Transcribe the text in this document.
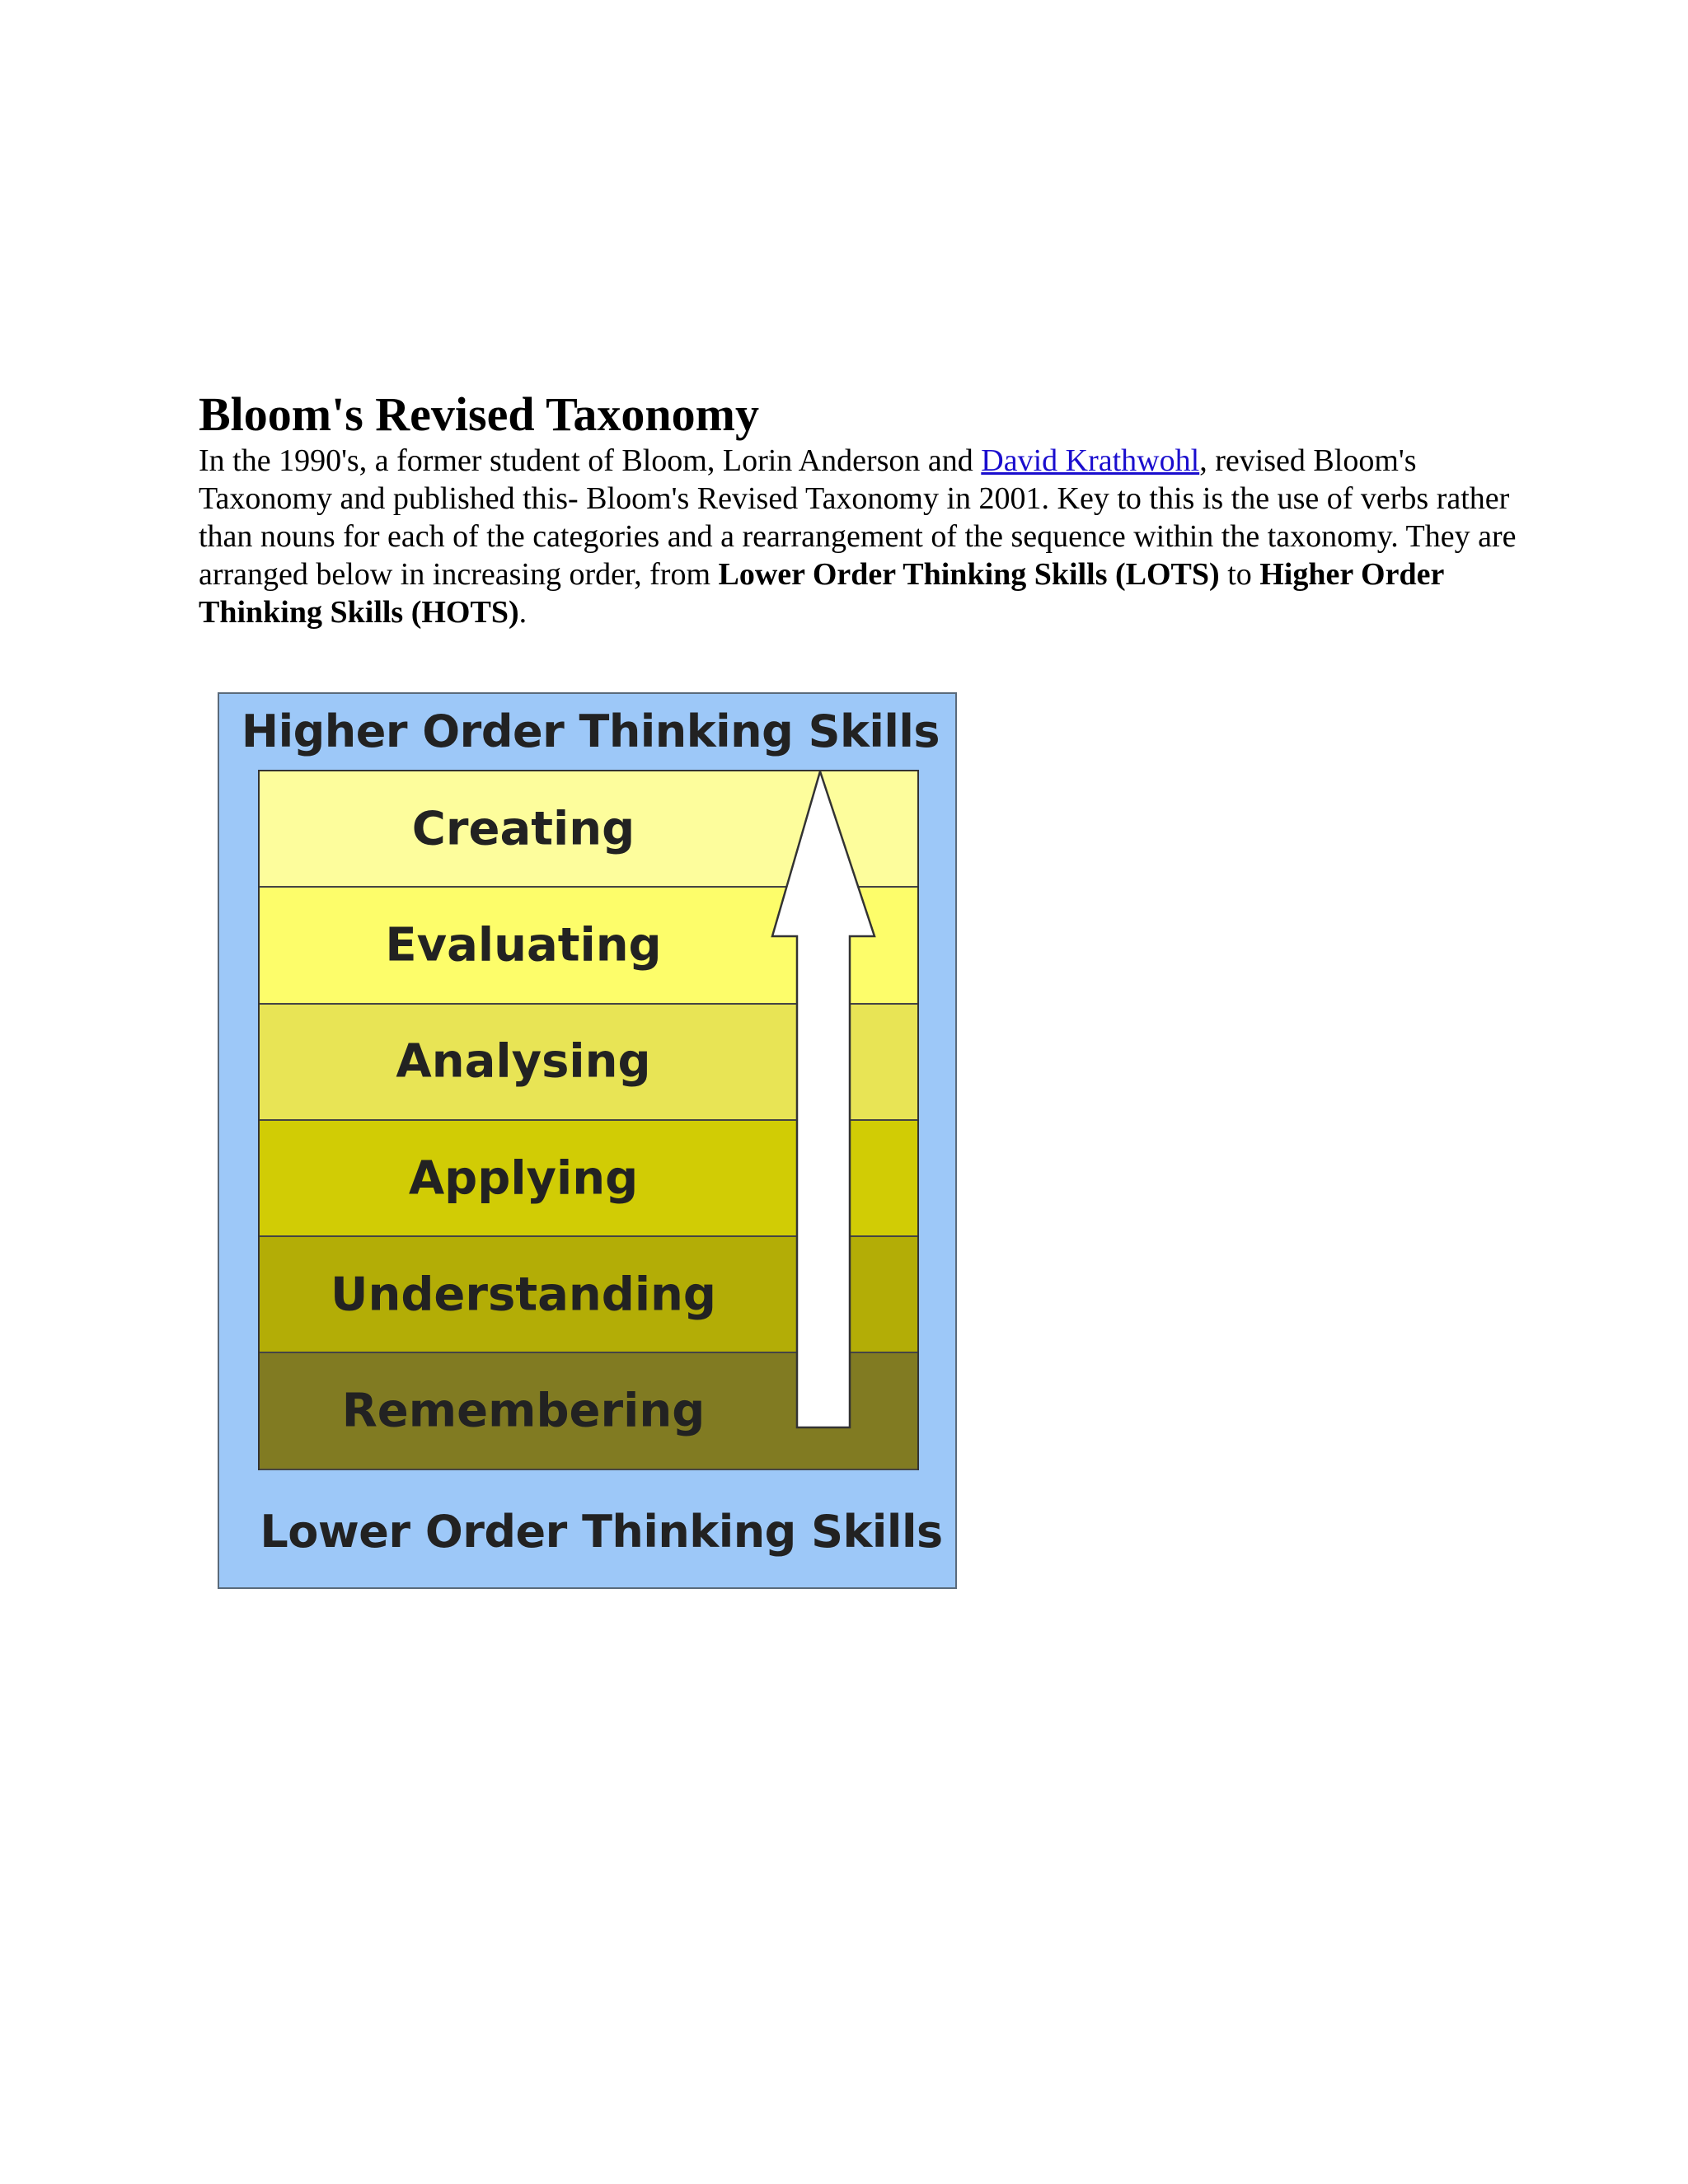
Bloom's Revised Taxonomy

In the 1990's, a former student of Bloom, Lorin Anderson and David Krathwohl, revised Bloom's Taxonomy and published this- Bloom's Revised Taxonomy in 2001. Key to this is the use of verbs rather than nouns for each of the categories and a rearrangement of the sequence within the taxonomy. They are arranged below in increasing order, from Lower Order Thinking Skills (LOTS) to Higher Order Thinking Skills (HOTS).

Higher Order Thinking Skills
Creating
Evaluating
Analysing
Applying
Understanding
Remembering
Lower Order Thinking Skills
